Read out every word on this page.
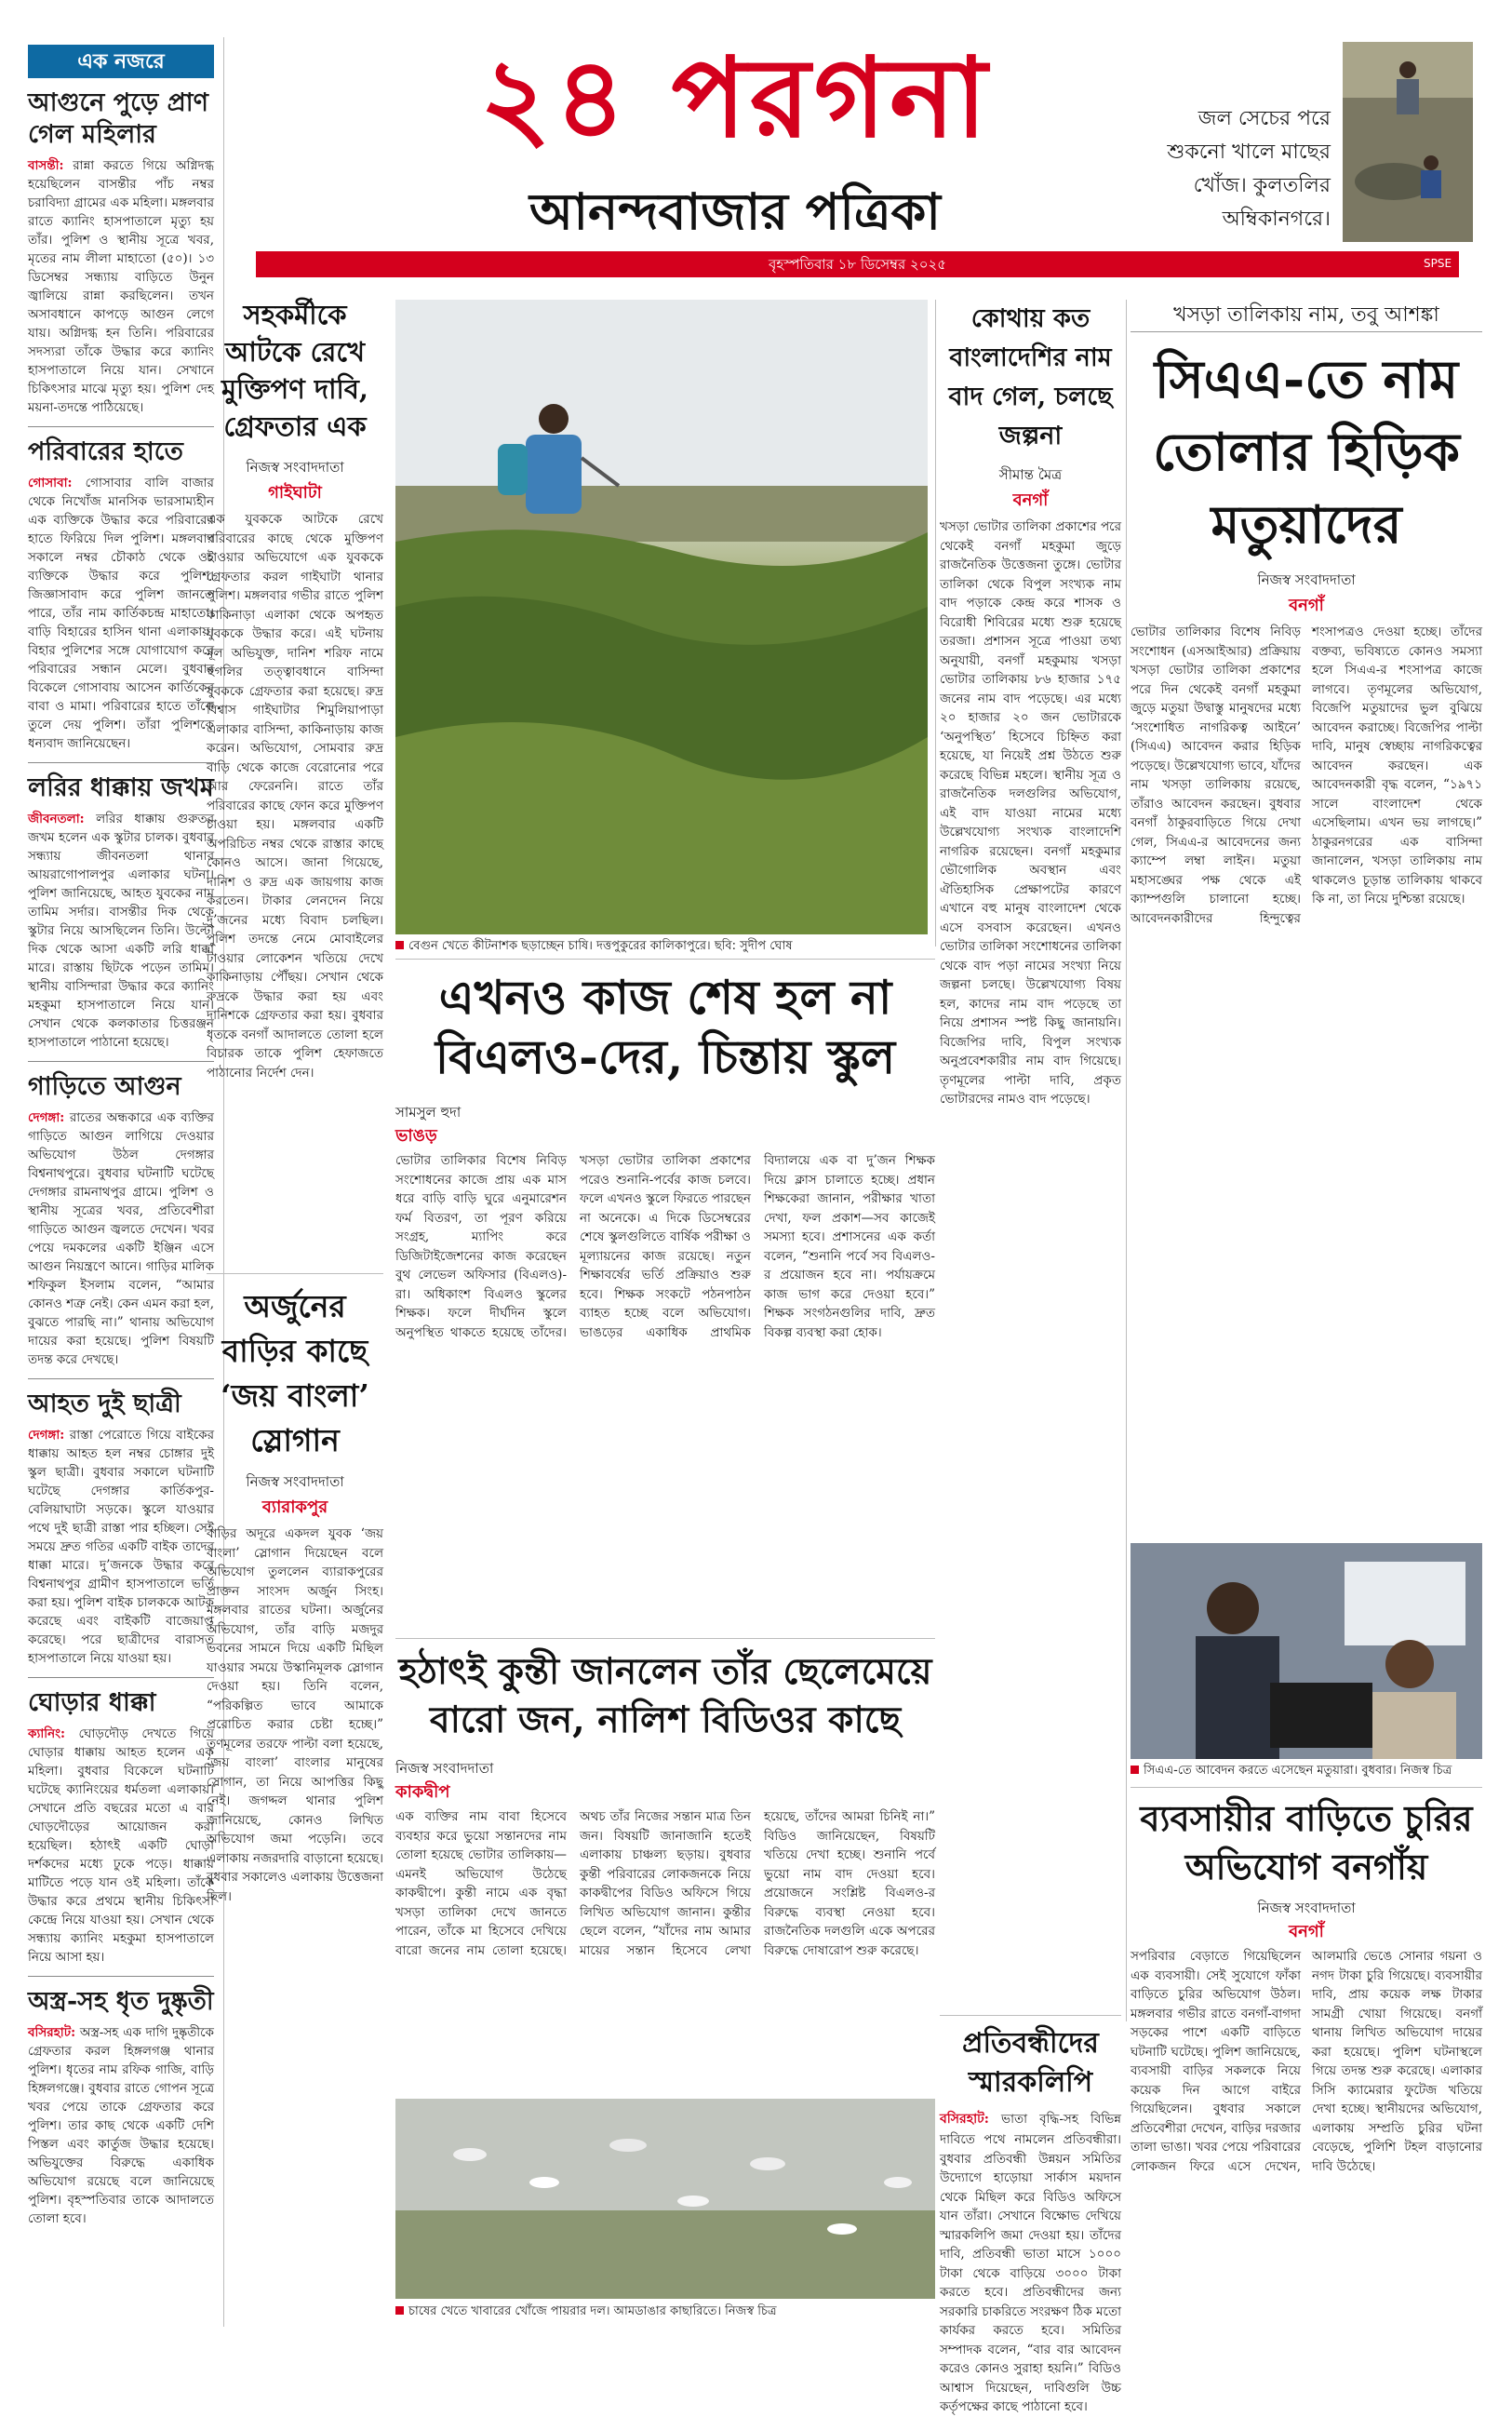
২৪ পরগনা
আনন্দবাজার পত্রিকা
জল সেচের পরে
শুকনো খালে মাছের
খোঁজ। কুলতলির
অম্বিকানগরে।
বৃহস্পতিবার ১৮ ডিসেম্বর ২০২৫	SPSE
এক নজরে
আগুনে পুড়ে প্রাণ গেল মহিলার
বাসন্তী: রান্না করতে গিয়ে অগ্নিদগ্ধ হয়েছিলেন বাসন্তীর পাঁচ নম্বর চরাবিদ্যা গ্রামের এক মহিলা। মঙ্গলবার রাতে ক্যানিং হাসপাতালে মৃত্যু হয় তাঁর। পুলিশ ও স্থানীয় সূত্রে খবর, মৃতের নাম লীলা মাহাতো (৫০)। ১৩ ডিসেম্বর সন্ধ্যায় বাড়িতে উনুন জ্বালিয়ে রান্না করছিলেন। তখন অসাবধানে কাপড়ে আগুন লেগে যায়। অগ্নিদগ্ধ হন তিনি। পরিবারের সদস্যরা তাঁকে উদ্ধার করে ক্যানিং হাসপাতালে নিয়ে যান। সেখানে চিকিৎসার মাঝে মৃত্যু হয়। পুলিশ দেহ ময়না-তদন্তে পাঠিয়েছে।
পরিবারের হাতে
গোসাবা: গোসাবার বালি বাজার থেকে নিখোঁজ মানসিক ভারসাম্যহীন এক ব্যক্তিকে উদ্ধার করে পরিবারের হাতে ফিরিয়ে দিল পুলিশ। মঙ্গলবার সকালে নম্বর চৌকাঠ থেকে ওই ব্যক্তিকে উদ্ধার করে পুলিশ। জিজ্ঞাসাবাদ করে পুলিশ জানতে পারে, তাঁর নাম কার্তিকচন্দ্র মাহাতো। বাড়ি বিহারের হাসিন থানা এলাকায়। বিহার পুলিশের সঙ্গে যোগাযোগ করে পরিবারের সন্ধান মেলে। বুধবার বিকেলে গোসাবায় আসেন কার্তিকের বাবা ও মামা। পরিবারের হাতে তাঁকে তুলে দেয় পুলিশ। তাঁরা পুলিশকে ধন্যবাদ জানিয়েছেন।
লরির ধাক্কায় জখম
জীবনতলা: লরির ধাক্কায় গুরুতর জখম হলেন এক স্কুটার চালক। বুধবার সন্ধ্যায় জীবনতলা থানার আয়রাগোপালপুর এলাকার ঘটনা। পুলিশ জানিয়েছে, আহত যুবকের নাম তামিম সর্দার। বাসন্তীর দিক থেকে স্কুটার নিয়ে আসছিলেন তিনি। উল্টো দিক থেকে আসা একটি লরি ধাক্কা মারে। রাস্তায় ছিটকে পড়েন তামিম। স্থানীয় বাসিন্দারা উদ্ধার করে ক্যানিং মহকুমা হাসপাতালে নিয়ে যান। সেখান থেকে কলকাতার চিত্তরঞ্জন হাসপাতালে পাঠানো হয়েছে।
গাড়িতে আগুন
দেগঙ্গা: রাতের অন্ধকারে এক ব্যক্তির গাড়িতে আগুন লাগিয়ে দেওয়ার অভিযোগ উঠল দেগঙ্গার বিশ্বনাথপুরে। বুধবার ঘটনাটি ঘটেছে দেগঙ্গার রামনাথপুর গ্রামে। পুলিশ ও স্থানীয় সূত্রের খবর, প্রতিবেশীরা গাড়িতে আগুন জ্বলতে দেখেন। খবর পেয়ে দমকলের একটি ইঞ্জিন এসে আগুন নিয়ন্ত্রণে আনে। গাড়ির মালিক শফিকুল ইসলাম বলেন, “আমার কোনও শত্রু নেই। কেন এমন করা হল, বুঝতে পারছি না।” থানায় অভিযোগ দায়ের করা হয়েছে। পুলিশ বিষয়টি তদন্ত করে দেখছে।
আহত দুই ছাত্রী
দেগঙ্গা: রাস্তা পেরোতে গিয়ে বাইকের ধাক্কায় আহত হল নম্বর চোঙ্গার দুই স্কুল ছাত্রী। বুধবার সকালে ঘটনাটি ঘটেছে দেগঙ্গার কার্তিকপুর-বেলিয়াঘাটা সড়কে। স্কুলে যাওয়ার পথে দুই ছাত্রী রাস্তা পার হচ্ছিল। সেই সময়ে দ্রুত গতির একটি বাইক তাদের ধাক্কা মারে। দু’জনকে উদ্ধার করে বিশ্বনাথপুর গ্রামীণ হাসপাতালে ভর্তি করা হয়। পুলিশ বাইক চালককে আটক করেছে এবং বাইকটি বাজেয়াপ্ত করেছে। পরে ছাত্রীদের বারাসত হাসপাতালে নিয়ে যাওয়া হয়।
ঘোড়ার ধাক্কা
ক্যানিং: ঘোড়দৌড় দেখতে গিয়ে ঘোড়ার ধাক্কায় আহত হলেন এক মহিলা। বুধবার বিকেলে ঘটনাটি ঘটেছে ক্যানিংয়ের ধর্মতলা এলাকায়। সেখানে প্রতি বছরের মতো এ বার ঘোড়দৌড়ের আয়োজন করা হয়েছিল। হঠাৎই একটি ঘোড়া দর্শকদের মধ্যে ঢুকে পড়ে। ধাক্কায় মাটিতে পড়ে যান ওই মহিলা। তাঁকে উদ্ধার করে প্রথমে স্থানীয় চিকিৎসা কেন্দ্রে নিয়ে যাওয়া হয়। সেখান থেকে সন্ধ্যায় ক্যানিং মহকুমা হাসপাতালে নিয়ে আসা হয়।
অস্ত্র-সহ ধৃত দুষ্কৃতী
বসিরহাট: অস্ত্র-সহ এক দাগি দুষ্কৃতীকে গ্রেফতার করল হিঙ্গলগঞ্জ থানার পুলিশ। ধৃতের নাম রফিক গাজি, বাড়ি হিঙ্গলগঞ্জে। বুধবার রাতে গোপন সূত্রে খবর পেয়ে তাকে গ্রেফতার করে পুলিশ। তার কাছ থেকে একটি দেশি পিস্তল এবং কার্তুজ উদ্ধার হয়েছে। অভিযুক্তের বিরুদ্ধে একাধিক অভিযোগ রয়েছে বলে জানিয়েছে পুলিশ। বৃহস্পতিবার তাকে আদালতে তোলা হবে।
সহকর্মীকে আটকে রেখে মুক্তিপণ দাবি, গ্রেফতার এক
নিজস্ব সংবাদদাতা
গাইঘাটা
এক যুবককে আটকে রেখে পরিবারের কাছে থেকে মুক্তিপণ চাওয়ার অভিযোগে এক যুবককে গ্রেফতার করল গাইঘাটা থানার পুলিশ। মঙ্গলবার গভীর রাতে পুলিশ কাকিনাড়া এলাকা থেকে অপহৃত যুবককে উদ্ধার করে। এই ঘটনায় মূল অভিযুক্ত, দানিশ শরিফ নামে হুগলির তত্ত্বাবধানে বাসিন্দা যুবককে গ্রেফতার করা হয়েছে। রুদ্র বিশ্বাস গাইঘাটার শিমুলিয়াপাড়া এলাকার বাসিন্দা, কাকিনাড়ায় কাজ করেন। অভিযোগ, সোমবার রুদ্র বাড়ি থেকে কাজে বেরোনোর পরে আর ফেরেননি। রাতে তাঁর পরিবারের কাছে ফোন করে মুক্তিপণ চাওয়া হয়। মঙ্গলবার একটি অপরিচিত নম্বর থেকে রাস্তার কাছে কোনও আসে। জানা গিয়েছে, দানিশ ও রুদ্র এক জায়গায় কাজ করতেন। টাকার লেনদেন নিয়ে দু’জনের মধ্যে বিবাদ চলছিল। পুলিশ তদন্তে নেমে মোবাইলের টাওয়ার লোকেশন খতিয়ে দেখে কাকিনাড়ায় পৌঁছয়। সেখান থেকে রুদ্রকে উদ্ধার করা হয় এবং দানিশকে গ্রেফতার করা হয়। বুধবার ধৃতকে বনগাঁ আদালতে তোলা হলে বিচারক তাকে পুলিশ হেফাজতে পাঠানোর নির্দেশ দেন।
বেগুন খেতে কীটনাশক ছড়াচ্ছেন চাষি। দত্তপুকুরের কালিকাপুরে। ছবি: সুদীপ ঘোষ
কোথায় কত বাংলাদেশির নাম বাদ গেল, চলছে জল্পনা
সীমান্ত মৈত্র
বনগাঁ
খসড়া ভোটার তালিকা প্রকাশের পরে থেকেই বনগাঁ মহকুমা জুড়ে রাজনৈতিক উত্তেজনা তুঙ্গে। ভোটার তালিকা থেকে বিপুল সংখ্যক নাম বাদ পড়াকে কেন্দ্র করে শাসক ও বিরোধী শিবিরের মধ্যে শুরু হয়েছে তরজা। প্রশাসন সূত্রে পাওয়া তথ্য অনুযায়ী, বনগাঁ মহকুমায় খসড়া ভোটার তালিকায় ৮৬ হাজার ১৭৫ জনের নাম বাদ পড়েছে। এর মধ্যে ২০ হাজার ২০ জন ভোটারকে ‘অনুপস্থিত’ হিসেবে চিহ্নিত করা হয়েছে, যা নিয়েই প্রশ্ন উঠতে শুরু করেছে বিভিন্ন মহলে। স্থানীয় সূত্র ও রাজনৈতিক দলগুলির অভিযোগ, এই বাদ যাওয়া নামের মধ্যে উল্লেখযোগ্য সংখ্যক বাংলাদেশি নাগরিক রয়েছেন। বনগাঁ মহকুমার ভৌগোলিক অবস্থান এবং ঐতিহাসিক প্রেক্ষাপটের কারণে এখানে বহু মানুষ বাংলাদেশ থেকে এসে বসবাস করেছেন। এখনও ভোটার তালিকা সংশোধনের তালিকা থেকে বাদ পড়া নামের সংখ্যা নিয়ে জল্পনা চলছে। উল্লেখযোগ্য বিষয় হল, কাদের নাম বাদ পড়েছে তা নিয়ে প্রশাসন স্পষ্ট কিছু জানায়নি। বিজেপির দাবি, বিপুল সংখ্যক অনুপ্রবেশকারীর নাম বাদ গিয়েছে। তৃণমূলের পাল্টা দাবি, প্রকৃত ভোটারদের নামও বাদ পড়েছে।
খসড়া তালিকায় নাম, তবু আশঙ্কা
সিএএ-তে নাম তোলার হিড়িক মতুয়াদের
নিজস্ব সংবাদদাতা
বনগাঁ
ভোটার তালিকার বিশেষ নিবিড় সংশোধন (এসআইআর) প্রক্রিয়ায় খসড়া ভোটার তালিকা প্রকাশের পরে দিন থেকেই বনগাঁ মহকুমা জুড়ে মতুয়া উদ্বাস্তু মানুষদের মধ্যে ‘সংশোধিত নাগরিকত্ব আইনে’ (সিএএ) আবেদন করার হিড়িক পড়েছে। উল্লেখযোগ্য ভাবে, যাঁদের নাম খসড়া তালিকায় রয়েছে, তাঁরাও আবেদন করছেন। বুধবার বনগাঁ ঠাকুরবাড়িতে গিয়ে দেখা গেল, সিএএ-র আবেদনের জন্য ক্যাম্পে লম্বা লাইন। মতুয়া মহাসঙ্ঘের পক্ষ থেকে এই ক্যাম্পগুলি চালানো হচ্ছে। আবেদনকারীদের হিন্দুত্বের শংসাপত্রও দেওয়া হচ্ছে। তাঁদের বক্তব্য, ভবিষ্যতে কোনও সমস্যা হলে সিএএ-র শংসাপত্র কাজে লাগবে। তৃণমূলের অভিযোগ, বিজেপি মতুয়াদের ভুল বুঝিয়ে আবেদন করাচ্ছে। বিজেপির পাল্টা দাবি, মানুষ স্বেচ্ছায় নাগরিকত্বের আবেদন করছেন। এক আবেদনকারী বৃদ্ধ বলেন, “১৯৭১ সালে বাংলাদেশ থেকে এসেছিলাম। এখন ভয় লাগছে।” ঠাকুরনগরের এক বাসিন্দা জানালেন, খসড়া তালিকায় নাম থাকলেও চূড়ান্ত তালিকায় থাকবে কি না, তা নিয়ে দুশ্চিন্তা রয়েছে।
সিএএ-তে আবেদন করতে এসেছেন মতুয়ারা। বুধবার। নিজস্ব চিত্র
ব্যবসায়ীর বাড়িতে চুরির অভিযোগ বনগাঁয়
নিজস্ব সংবাদদাতা
বনগাঁ
সপরিবার বেড়াতে গিয়েছিলেন এক ব্যবসায়ী। সেই সুযোগে ফাঁকা বাড়িতে চুরির অভিযোগ উঠল। মঙ্গলবার গভীর রাতে বনগাঁ-বাগদা সড়কের পাশে একটি বাড়িতে ঘটনাটি ঘটেছে। পুলিশ জানিয়েছে, ব্যবসায়ী বাড়ির সকলকে নিয়ে কয়েক দিন আগে বাইরে গিয়েছিলেন। বুধবার সকালে প্রতিবেশীরা দেখেন, বাড়ির দরজার তালা ভাঙা। খবর পেয়ে পরিবারের লোকজন ফিরে এসে দেখেন, আলমারি ভেঙে সোনার গয়না ও নগদ টাকা চুরি গিয়েছে। ব্যবসায়ীর দাবি, প্রায় কয়েক লক্ষ টাকার সামগ্রী খোয়া গিয়েছে। বনগাঁ থানায় লিখিত অভিযোগ দায়ের করা হয়েছে। পুলিশ ঘটনাস্থলে গিয়ে তদন্ত শুরু করেছে। এলাকার সিসি ক্যামেরার ফুটেজ খতিয়ে দেখা হচ্ছে। স্থানীয়দের অভিযোগ, এলাকায় সম্প্রতি চুরির ঘটনা বেড়েছে, পুলিশি টহল বাড়ানোর দাবি উঠেছে।
এখনও কাজ শেষ হল না বিএলও-দের, চিন্তায় স্কুল
সামসুল হুদা
ভাঙড়
ভোটার তালিকার বিশেষ নিবিড় সংশোধনের কাজে প্রায় এক মাস ধরে বাড়ি বাড়ি ঘুরে এনুমারেশন ফর্ম বিতরণ, তা পূরণ করিয়ে সংগ্রহ, ম্যাপিং করে ডিজিটাইজেশনের কাজ করেছেন বুথ লেভেল অফিসার (বিএলও)-রা। অধিকাংশ বিএলও স্কুলের শিক্ষক। ফলে দীর্ঘদিন স্কুলে অনুপস্থিত থাকতে হয়েছে তাঁদের। খসড়া ভোটার তালিকা প্রকাশের পরেও শুনানি-পর্বের কাজ চলবে। ফলে এখনও স্কুলে ফিরতে পারছেন না অনেকে। এ দিকে ডিসেম্বরের শেষে স্কুলগুলিতে বার্ষিক পরীক্ষা ও মূল্যায়নের কাজ রয়েছে। নতুন শিক্ষাবর্ষের ভর্তি প্রক্রিয়াও শুরু হবে। শিক্ষক সংকটে পঠনপাঠন ব্যাহত হচ্ছে বলে অভিযোগ। ভাঙড়ের একাধিক প্রাথমিক বিদ্যালয়ে এক বা দু’জন শিক্ষক দিয়ে ক্লাস চালাতে হচ্ছে। প্রধান শিক্ষকেরা জানান, পরীক্ষার খাতা দেখা, ফল প্রকাশ—সব কাজেই সমস্যা হবে। প্রশাসনের এক কর্তা বলেন, “শুনানি পর্বে সব বিএলও-র প্রয়োজন হবে না। পর্যায়ক্রমে কাজ ভাগ করে দেওয়া হবে।” শিক্ষক সংগঠনগুলির দাবি, দ্রুত বিকল্প ব্যবস্থা করা হোক।
অর্জুনের বাড়ির কাছে ‘জয় বাংলা’ স্লোগান
নিজস্ব সংবাদদাতা
ব্যারাকপুর
বাড়ির অদূরে একদল যুবক ‘জয় বাংলা’ স্লোগান দিয়েছেন বলে অভিযোগ তুললেন ব্যারাকপুরের প্রাক্তন সাংসদ অর্জুন সিংহ। মঙ্গলবার রাতের ঘটনা। অর্জুনের অভিযোগ, তাঁর বাড়ি মজদুর ভবনের সামনে দিয়ে একটি মিছিল যাওয়ার সময়ে উস্কানিমূলক স্লোগান দেওয়া হয়। তিনি বলেন, “পরিকল্পিত ভাবে আমাকে প্ররোচিত করার চেষ্টা হচ্ছে।” তৃণমূলের তরফে পাল্টা বলা হয়েছে, ‘জয় বাংলা’ বাংলার মানুষের স্লোগান, তা নিয়ে আপত্তির কিছু নেই। জগদ্দল থানার পুলিশ জানিয়েছে, কোনও লিখিত অভিযোগ জমা পড়েনি। তবে এলাকায় নজরদারি বাড়ানো হয়েছে। বুধবার সকালেও এলাকায় উত্তেজনা ছিল।
হঠাৎই কুন্তী জানলেন তাঁর ছেলেমেয়ে বারো জন, নালিশ বিডিওর কাছে
নিজস্ব সংবাদদাতা
কাকদ্বীপ
এক ব্যক্তির নাম বাবা হিসেবে ব্যবহার করে ভুয়ো সন্তানদের নাম তোলা হয়েছে ভোটার তালিকায়—এমনই অভিযোগ উঠেছে কাকদ্বীপে। কুন্তী নামে এক বৃদ্ধা খসড়া তালিকা দেখে জানতে পারেন, তাঁকে মা হিসেবে দেখিয়ে বারো জনের নাম তোলা হয়েছে। অথচ তাঁর নিজের সন্তান মাত্র তিন জন। বিষয়টি জানাজানি হতেই এলাকায় চাঞ্চল্য ছড়ায়। বুধবার কুন্তী পরিবারের লোকজনকে নিয়ে কাকদ্বীপের বিডিও অফিসে গিয়ে লিখিত অভিযোগ জানান। কুন্তীর ছেলে বলেন, “যাঁদের নাম আমার মায়ের সন্তান হিসেবে লেখা হয়েছে, তাঁদের আমরা চিনিই না।” বিডিও জানিয়েছেন, বিষয়টি খতিয়ে দেখা হচ্ছে। শুনানি পর্বে ভুয়ো নাম বাদ দেওয়া হবে। প্রয়োজনে সংশ্লিষ্ট বিএলও-র বিরুদ্ধে ব্যবস্থা নেওয়া হবে। রাজনৈতিক দলগুলি একে অপরের বিরুদ্ধে দোষারোপ শুরু করেছে।
চাষের খেতে খাবারের খোঁজে পায়রার দল। আমডাঙার কাছারিতে। নিজস্ব চিত্র
প্রতিবন্ধীদের স্মারকলিপি
বসিরহাট: ভাতা বৃদ্ধি-সহ বিভিন্ন দাবিতে পথে নামলেন প্রতিবন্ধীরা। বুধবার প্রতিবন্ধী উন্নয়ন সমিতির উদ্যোগে হাড়োয়া সার্কাস ময়দান থেকে মিছিল করে বিডিও অফিসে যান তাঁরা। সেখানে বিক্ষোভ দেখিয়ে স্মারকলিপি জমা দেওয়া হয়। তাঁদের দাবি, প্রতিবন্ধী ভাতা মাসে ১০০০ টাকা থেকে বাড়িয়ে ৩০০০ টাকা করতে হবে। প্রতিবন্ধীদের জন্য সরকারি চাকরিতে সংরক্ষণ ঠিক মতো কার্যকর করতে হবে। সমিতির সম্পাদক বলেন, “বার বার আবেদন করেও কোনও সুরাহা হয়নি।” বিডিও আশ্বাস দিয়েছেন, দাবিগুলি উচ্চ কর্তৃপক্ষের কাছে পাঠানো হবে।
